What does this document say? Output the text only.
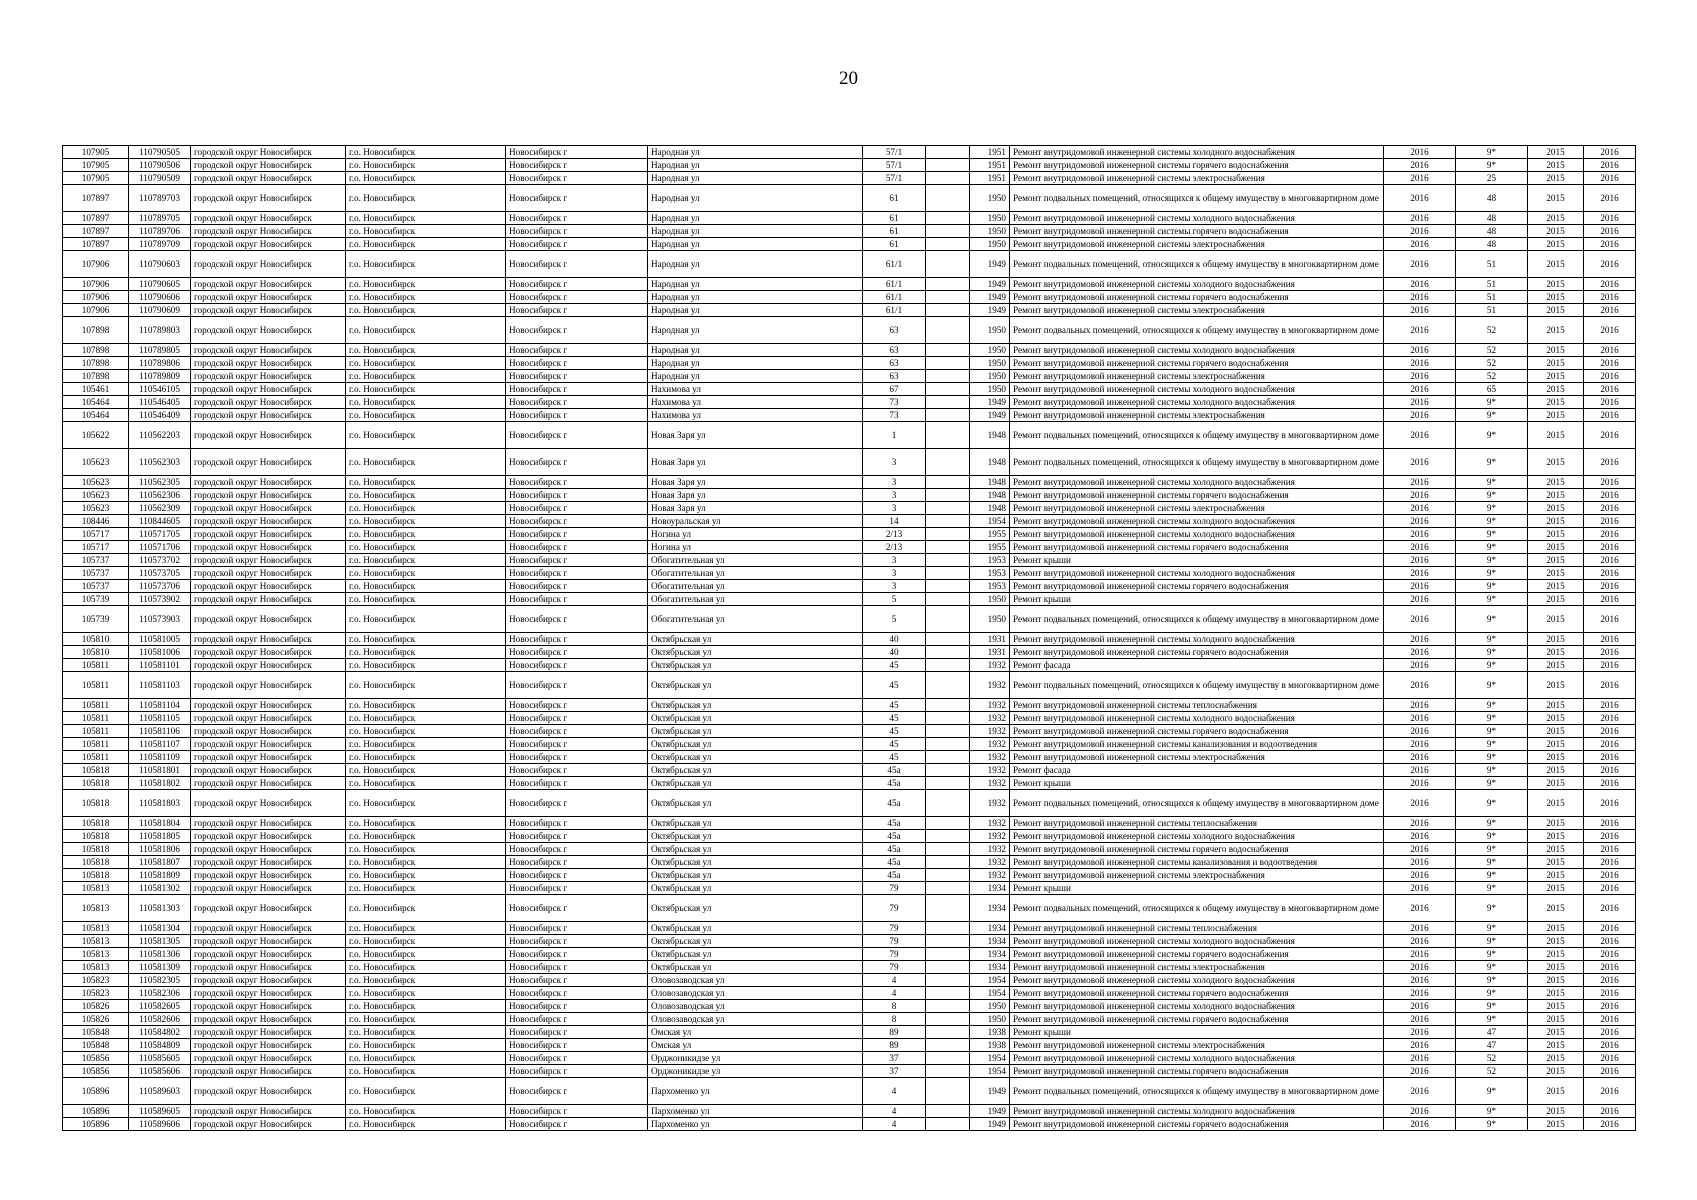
20
107905	110790505	городской округ Новосибирск	г.о. Новосибирск	Новосибирск г	Народная ул	57/1		1951	Ремонт внутридомовой инженерной системы холодного водоснабжения	2016	9*	2015	2016
107905	110790506	городской округ Новосибирск	г.о. Новосибирск	Новосибирск г	Народная ул	57/1		1951	Ремонт внутридомовой инженерной системы горячего водоснабжения	2016	9*	2015	2016
107905	110790509	городской округ Новосибирск	г.о. Новосибирск	Новосибирск г	Народная ул	57/1		1951	Ремонт внутридомовой инженерной системы электроснабжения	2016	25	2015	2016
107897	110789703	городской округ Новосибирск	г.о. Новосибирск	Новосибирск г	Народная ул	61		1950	Ремонт подвальных помещений, относящихся к общему имуществу в многоквартирном доме	2016	48	2015	2016
107897	110789705	городской округ Новосибирск	г.о. Новосибирск	Новосибирск г	Народная ул	61		1950	Ремонт внутридомовой инженерной системы холодного водоснабжения	2016	48	2015	2016
107897	110789706	городской округ Новосибирск	г.о. Новосибирск	Новосибирск г	Народная ул	61		1950	Ремонт внутридомовой инженерной системы горячего водоснабжения	2016	48	2015	2016
107897	110789709	городской округ Новосибирск	г.о. Новосибирск	Новосибирск г	Народная ул	61		1950	Ремонт внутридомовой инженерной системы электроснабжения	2016	48	2015	2016
107906	110790603	городской округ Новосибирск	г.о. Новосибирск	Новосибирск г	Народная ул	61/1		1949	Ремонт подвальных помещений, относящихся к общему имуществу в многоквартирном доме	2016	51	2015	2016
107906	110790605	городской округ Новосибирск	г.о. Новосибирск	Новосибирск г	Народная ул	61/1		1949	Ремонт внутридомовой инженерной системы холодного водоснабжения	2016	51	2015	2016
107906	110790606	городской округ Новосибирск	г.о. Новосибирск	Новосибирск г	Народная ул	61/1		1949	Ремонт внутридомовой инженерной системы горячего водоснабжения	2016	51	2015	2016
107906	110790609	городской округ Новосибирск	г.о. Новосибирск	Новосибирск г	Народная ул	61/1		1949	Ремонт внутридомовой инженерной системы электроснабжения	2016	51	2015	2016
107898	110789803	городской округ Новосибирск	г.о. Новосибирск	Новосибирск г	Народная ул	63		1950	Ремонт подвальных помещений, относящихся к общему имуществу в многоквартирном доме	2016	52	2015	2016
107898	110789805	городской округ Новосибирск	г.о. Новосибирск	Новосибирск г	Народная ул	63		1950	Ремонт внутридомовой инженерной системы холодного водоснабжения	2016	52	2015	2016
107898	110789806	городской округ Новосибирск	г.о. Новосибирск	Новосибирск г	Народная ул	63		1950	Ремонт внутридомовой инженерной системы горячего водоснабжения	2016	52	2015	2016
107898	110789809	городской округ Новосибирск	г.о. Новосибирск	Новосибирск г	Народная ул	63		1950	Ремонт внутридомовой инженерной системы электроснабжения	2016	52	2015	2016
105461	110546105	городской округ Новосибирск	г.о. Новосибирск	Новосибирск г	Нахимова ул	67		1950	Ремонт внутридомовой инженерной системы холодного водоснабжения	2016	65	2015	2016
105464	110546405	городской округ Новосибирск	г.о. Новосибирск	Новосибирск г	Нахимова ул	73		1949	Ремонт внутридомовой инженерной системы холодного водоснабжения	2016	9*	2015	2016
105464	110546409	городской округ Новосибирск	г.о. Новосибирск	Новосибирск г	Нахимова ул	73		1949	Ремонт внутридомовой инженерной системы электроснабжения	2016	9*	2015	2016
105622	110562203	городской округ Новосибирск	г.о. Новосибирск	Новосибирск г	Новая Заря ул	1		1948	Ремонт подвальных помещений, относящихся к общему имуществу в многоквартирном доме	2016	9*	2015	2016
105623	110562303	городской округ Новосибирск	г.о. Новосибирск	Новосибирск г	Новая Заря ул	3		1948	Ремонт подвальных помещений, относящихся к общему имуществу в многоквартирном доме	2016	9*	2015	2016
105623	110562305	городской округ Новосибирск	г.о. Новосибирск	Новосибирск г	Новая Заря ул	3		1948	Ремонт внутридомовой инженерной системы холодного водоснабжения	2016	9*	2015	2016
105623	110562306	городской округ Новосибирск	г.о. Новосибирск	Новосибирск г	Новая Заря ул	3		1948	Ремонт внутридомовой инженерной системы горячего водоснабжения	2016	9*	2015	2016
105623	110562309	городской округ Новосибирск	г.о. Новосибирск	Новосибирск г	Новая Заря ул	3		1948	Ремонт внутридомовой инженерной системы электроснабжения	2016	9*	2015	2016
108446	110844605	городской округ Новосибирск	г.о. Новосибирск	Новосибирск г	Новоуральская ул	14		1954	Ремонт внутридомовой инженерной системы холодного водоснабжения	2016	9*	2015	2016
105717	110571705	городской округ Новосибирск	г.о. Новосибирск	Новосибирск г	Ногина ул	2/13		1955	Ремонт внутридомовой инженерной системы холодного водоснабжения	2016	9*	2015	2016
105717	110571706	городской округ Новосибирск	г.о. Новосибирск	Новосибирск г	Ногина ул	2/13		1955	Ремонт внутридомовой инженерной системы горячего водоснабжения	2016	9*	2015	2016
105737	110573702	городской округ Новосибирск	г.о. Новосибирск	Новосибирск г	Обогатительная ул	3		1953	Ремонт крыши	2016	9*	2015	2016
105737	110573705	городской округ Новосибирск	г.о. Новосибирск	Новосибирск г	Обогатительная ул	3		1953	Ремонт внутридомовой инженерной системы холодного водоснабжения	2016	9*	2015	2016
105737	110573706	городской округ Новосибирск	г.о. Новосибирск	Новосибирск г	Обогатительная ул	3		1953	Ремонт внутридомовой инженерной системы горячего водоснабжения	2016	9*	2015	2016
105739	110573902	городской округ Новосибирск	г.о. Новосибирск	Новосибирск г	Обогатительная ул	5		1950	Ремонт крыши	2016	9*	2015	2016
105739	110573903	городской округ Новосибирск	г.о. Новосибирск	Новосибирск г	Обогатительная ул	5		1950	Ремонт подвальных помещений, относящихся к общему имуществу в многоквартирном доме	2016	9*	2015	2016
105810	110581005	городской округ Новосибирск	г.о. Новосибирск	Новосибирск г	Октябрьская ул	40		1931	Ремонт внутридомовой инженерной системы холодного водоснабжения	2016	9*	2015	2016
105810	110581006	городской округ Новосибирск	г.о. Новосибирск	Новосибирск г	Октябрьская ул	40		1931	Ремонт внутридомовой инженерной системы горячего водоснабжения	2016	9*	2015	2016
105811	110581101	городской округ Новосибирск	г.о. Новосибирск	Новосибирск г	Октябрьская ул	45		1932	Ремонт фасада	2016	9*	2015	2016
105811	110581103	городской округ Новосибирск	г.о. Новосибирск	Новосибирск г	Октябрьская ул	45		1932	Ремонт подвальных помещений, относящихся к общему имуществу в многоквартирном доме	2016	9*	2015	2016
105811	110581104	городской округ Новосибирск	г.о. Новосибирск	Новосибирск г	Октябрьская ул	45		1932	Ремонт внутридомовой инженерной системы теплоснабжения	2016	9*	2015	2016
105811	110581105	городской округ Новосибирск	г.о. Новосибирск	Новосибирск г	Октябрьская ул	45		1932	Ремонт внутридомовой инженерной системы холодного водоснабжения	2016	9*	2015	2016
105811	110581106	городской округ Новосибирск	г.о. Новосибирск	Новосибирск г	Октябрьская ул	45		1932	Ремонт внутридомовой инженерной системы горячего водоснабжения	2016	9*	2015	2016
105811	110581107	городской округ Новосибирск	г.о. Новосибирск	Новосибирск г	Октябрьская ул	45		1932	Ремонт внутридомовой инженерной системы канализования и водоотведения	2016	9*	2015	2016
105811	110581109	городской округ Новосибирск	г.о. Новосибирск	Новосибирск г	Октябрьская ул	45		1932	Ремонт внутридомовой инженерной системы электроснабжения	2016	9*	2015	2016
105818	110581801	городской округ Новосибирск	г.о. Новосибирск	Новосибирск г	Октябрьская ул	45а		1932	Ремонт фасада	2016	9*	2015	2016
105818	110581802	городской округ Новосибирск	г.о. Новосибирск	Новосибирск г	Октябрьская ул	45а		1932	Ремонт крыши	2016	9*	2015	2016
105818	110581803	городской округ Новосибирск	г.о. Новосибирск	Новосибирск г	Октябрьская ул	45а		1932	Ремонт подвальных помещений, относящихся к общему имуществу в многоквартирном доме	2016	9*	2015	2016
105818	110581804	городской округ Новосибирск	г.о. Новосибирск	Новосибирск г	Октябрьская ул	45а		1932	Ремонт внутридомовой инженерной системы теплоснабжения	2016	9*	2015	2016
105818	110581805	городской округ Новосибирск	г.о. Новосибирск	Новосибирск г	Октябрьская ул	45а		1932	Ремонт внутридомовой инженерной системы холодного водоснабжения	2016	9*	2015	2016
105818	110581806	городской округ Новосибирск	г.о. Новосибирск	Новосибирск г	Октябрьская ул	45а		1932	Ремонт внутридомовой инженерной системы горячего водоснабжения	2016	9*	2015	2016
105818	110581807	городской округ Новосибирск	г.о. Новосибирск	Новосибирск г	Октябрьская ул	45а		1932	Ремонт внутридомовой инженерной системы канализования и водоотведения	2016	9*	2015	2016
105818	110581809	городской округ Новосибирск	г.о. Новосибирск	Новосибирск г	Октябрьская ул	45а		1932	Ремонт внутридомовой инженерной системы электроснабжения	2016	9*	2015	2016
105813	110581302	городской округ Новосибирск	г.о. Новосибирск	Новосибирск г	Октябрьская ул	79		1934	Ремонт крыши	2016	9*	2015	2016
105813	110581303	городской округ Новосибирск	г.о. Новосибирск	Новосибирск г	Октябрьская ул	79		1934	Ремонт подвальных помещений, относящихся к общему имуществу в многоквартирном доме	2016	9*	2015	2016
105813	110581304	городской округ Новосибирск	г.о. Новосибирск	Новосибирск г	Октябрьская ул	79		1934	Ремонт внутридомовой инженерной системы теплоснабжения	2016	9*	2015	2016
105813	110581305	городской округ Новосибирск	г.о. Новосибирск	Новосибирск г	Октябрьская ул	79		1934	Ремонт внутридомовой инженерной системы холодного водоснабжения	2016	9*	2015	2016
105813	110581306	городской округ Новосибирск	г.о. Новосибирск	Новосибирск г	Октябрьская ул	79		1934	Ремонт внутридомовой инженерной системы горячего водоснабжения	2016	9*	2015	2016
105813	110581309	городской округ Новосибирск	г.о. Новосибирск	Новосибирск г	Октябрьская ул	79		1934	Ремонт внутридомовой инженерной системы электроснабжения	2016	9*	2015	2016
105823	110582305	городской округ Новосибирск	г.о. Новосибирск	Новосибирск г	Оловозаводская ул	4		1954	Ремонт внутридомовой инженерной системы холодного водоснабжения	2016	9*	2015	2016
105823	110582306	городской округ Новосибирск	г.о. Новосибирск	Новосибирск г	Оловозаводская ул	4		1954	Ремонт внутридомовой инженерной системы горячего водоснабжения	2016	9*	2015	2016
105826	110582605	городской округ Новосибирск	г.о. Новосибирск	Новосибирск г	Оловозаводская ул	8		1950	Ремонт внутридомовой инженерной системы холодного водоснабжения	2016	9*	2015	2016
105826	110582606	городской округ Новосибирск	г.о. Новосибирск	Новосибирск г	Оловозаводская ул	8		1950	Ремонт внутридомовой инженерной системы горячего водоснабжения	2016	9*	2015	2016
105848	110584802	городской округ Новосибирск	г.о. Новосибирск	Новосибирск г	Омская ул	89		1938	Ремонт крыши	2016	47	2015	2016
105848	110584809	городской округ Новосибирск	г.о. Новосибирск	Новосибирск г	Омская ул	89		1938	Ремонт внутридомовой инженерной системы электроснабжения	2016	47	2015	2016
105856	110585605	городской округ Новосибирск	г.о. Новосибирск	Новосибирск г	Орджоникидзе ул	37		1954	Ремонт внутридомовой инженерной системы холодного водоснабжения	2016	52	2015	2016
105856	110585606	городской округ Новосибирск	г.о. Новосибирск	Новосибирск г	Орджоникидзе ул	37		1954	Ремонт внутридомовой инженерной системы горячего водоснабжения	2016	52	2015	2016
105896	110589603	городской округ Новосибирск	г.о. Новосибирск	Новосибирск г	Пархоменко ул	4		1949	Ремонт подвальных помещений, относящихся к общему имуществу в многоквартирном доме	2016	9*	2015	2016
105896	110589605	городской округ Новосибирск	г.о. Новосибирск	Новосибирск г	Пархоменко ул	4		1949	Ремонт внутридомовой инженерной системы холодного водоснабжения	2016	9*	2015	2016
105896	110589606	городской округ Новосибирск	г.о. Новосибирск	Новосибирск г	Пархоменко ул	4		1949	Ремонт внутридомовой инженерной системы горячего водоснабжения	2016	9*	2015	2016
